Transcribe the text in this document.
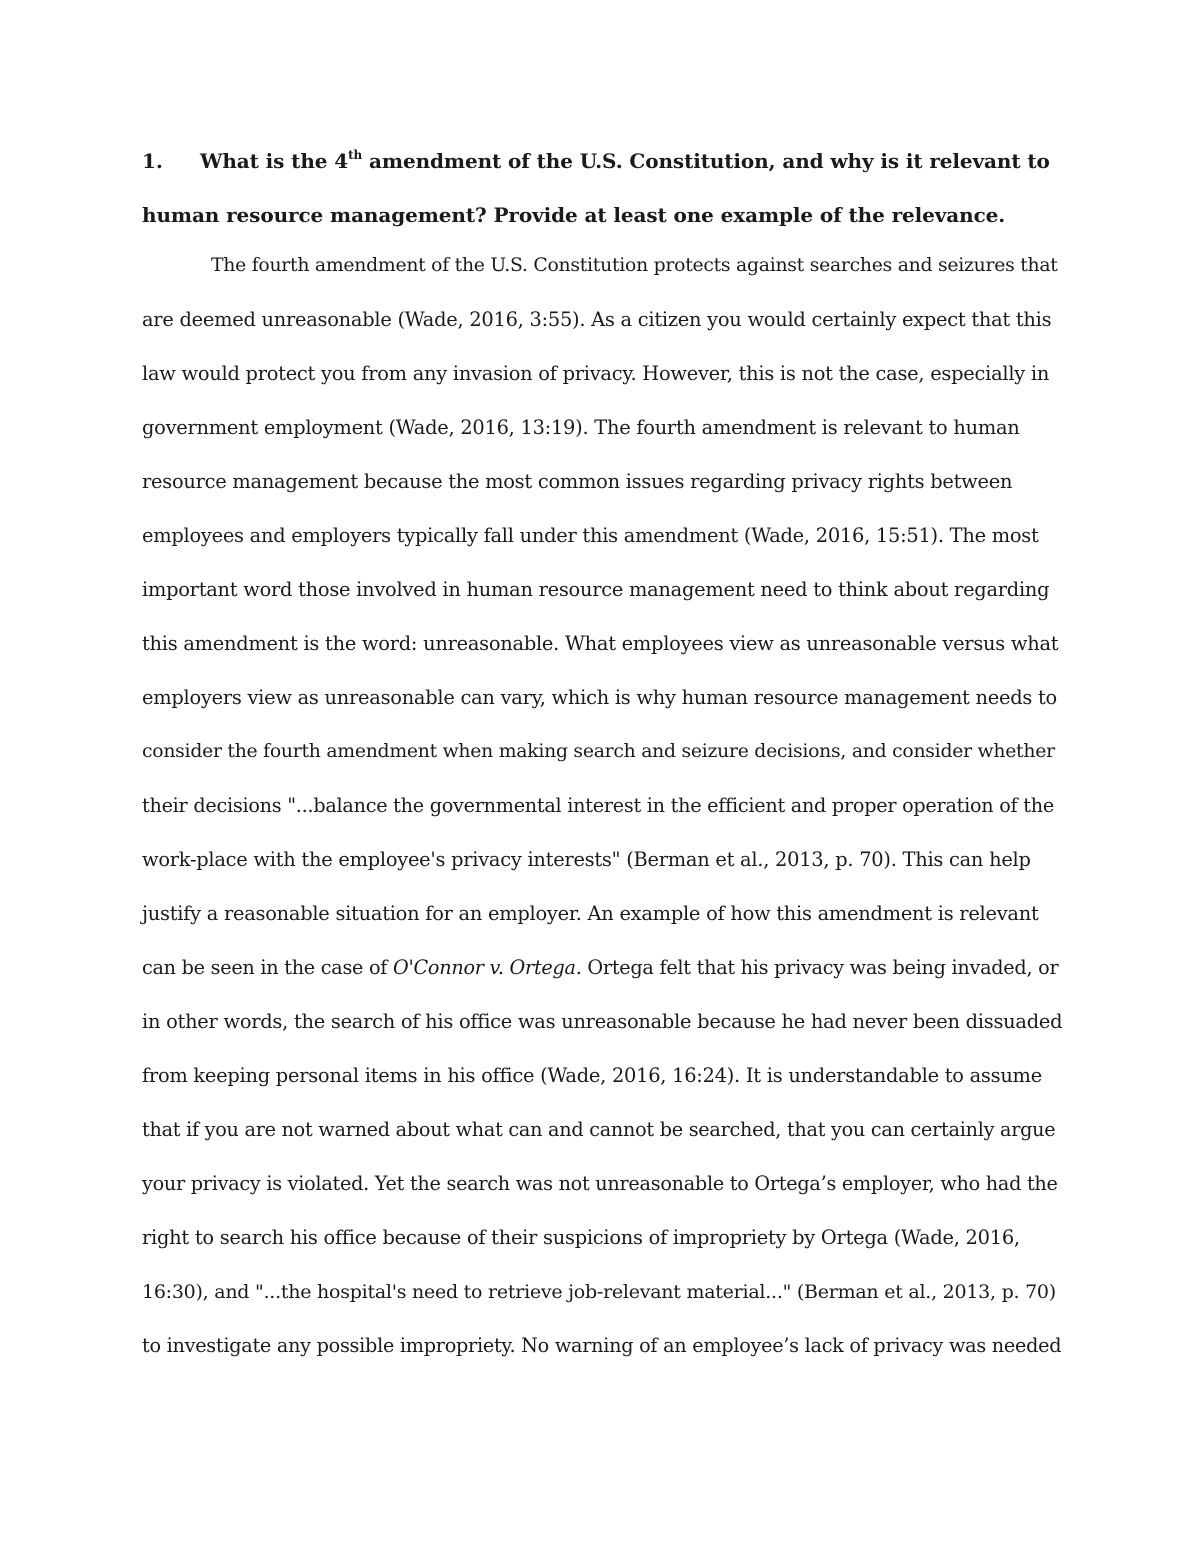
1. What is the 4th amendment of the U.S. Constitution, and why is it relevant to human resource management? Provide at least one example of the relevance.
The fourth amendment of the U.S. Constitution protects against searches and seizures that
are deemed unreasonable (Wade, 2016, 3:55). As a citizen you would certainly expect that this
law would protect you from any invasion of privacy. However, this is not the case, especially in
government employment (Wade, 2016, 13:19). The fourth amendment is relevant to human
resource management because the most common issues regarding privacy rights between
employees and employers typically fall under this amendment (Wade, 2016, 15:51). The most
important word those involved in human resource management need to think about regarding
this amendment is the word: unreasonable. What employees view as unreasonable versus what
employers view as unreasonable can vary, which is why human resource management needs to
consider the fourth amendment when making search and seizure decisions, and consider whether
their decisions "...balance the governmental interest in the efficient and proper operation of the
work-place with the employee's privacy interests" (Berman et al., 2013, p. 70). This can help
justify a reasonable situation for an employer. An example of how this amendment is relevant
can be seen in the case of O'Connor v. Ortega. Ortega felt that his privacy was being invaded, or
in other words, the search of his office was unreasonable because he had never been dissuaded
from keeping personal items in his office (Wade, 2016, 16:24). It is understandable to assume
that if you are not warned about what can and cannot be searched, that you can certainly argue
your privacy is violated. Yet the search was not unreasonable to Ortega’s employer, who had the
right to search his office because of their suspicions of impropriety by Ortega (Wade, 2016,
16:30), and "...the hospital's need to retrieve job-relevant material..." (Berman et al., 2013, p. 70)
to investigate any possible impropriety. No warning of an employee’s lack of privacy was needed
